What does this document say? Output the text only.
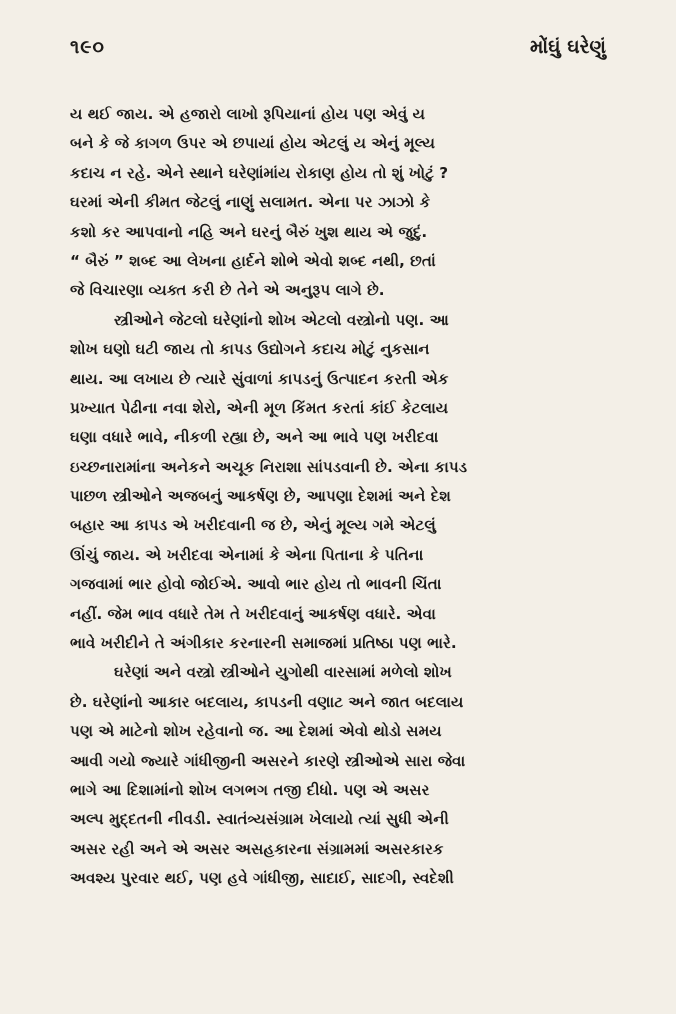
૧૯૦	મોંઘું ઘરેણું
ય થઈ જાય. એ હજારો લાખો રૂપિયાનાં હોય પણ એવું ય
બને કે જે કાગળ ઉપર એ છપાયાં હોય એટલું ય એનું મૂલ્ય
કદાચ ન રહે. એને સ્થાને ઘરેણાંમાંય રોકાણ હોય તો શું ખોટું ?
ઘરમાં એની કીમત જેટલું નાણું સલામત. એના પર ઝાઝો કે
કશો કર આપવાનો નહિ અને ઘરનું બૈરું ખુશ થાય એ જુદું.
“ બૈરું ” શબ્દ આ લેખના હાર્દને શોભે એવો શબ્દ નથી, છતાં
જે વિચારણા વ્યક્ત કરી છે તેને એ અનુરૂપ લાગે છે.
સ્ત્રીઓને જેટલો ઘરેણાંનો શોખ એટલો વસ્ત્રોનો પણ. આ
શોખ ઘણો ઘટી જાય તો કાપડ ઉદ્યોગને કદાચ મોટું નુકસાન
થાય. આ લખાય છે ત્યારે સુંવાળાં કાપડનું ઉત્પાદન કરતી એક
પ્રખ્યાત પેઢીના નવા શેરો, એની મૂળ કિંમત કરતાં કાંઈ કેટલાય
ઘણા વધારે ભાવે, નીકળી રહ્યા છે, અને આ ભાવે પણ ખરીદવા
ઇચ્છનારામાંના અનેકને અચૂક નિરાશા સાંપડવાની છે. એના કાપડ
પાછળ સ્ત્રીઓને અજબનું આકર્ષણ છે, આપણા દેશમાં અને દેશ
બહાર આ કાપડ એ ખરીદવાની જ છે, એનું મૂલ્ય ગમે એટલું
ઊંચું જાય. એ ખરીદવા એનામાં કે એના પિતાના કે પતિના
ગજવામાં ભાર હોવો જોઈએ. આવો ભાર હોય તો ભાવની ચિંતા
નહીં. જેમ ભાવ વધારે તેમ તે ખરીદવાનું આકર્ષણ વધારે. એવા
ભાવે ખરીદીને તે અંગીકાર કરનારની સમાજમાં પ્રતિષ્ઠા પણ ભારે.
ઘરેણાં અને વસ્ત્રો સ્ત્રીઓને યુગોથી વારસામાં મળેલો શોખ
છે. ઘરેણાંનો આકાર બદલાય, કાપડની વણાટ અને જાત બદલાય
પણ એ માટેનો શોખ રહેવાનો જ. આ દેશમાં એવો થોડો સમય
આવી ગયો જ્યારે ગાંધીજીની અસરને કારણે સ્ત્રીઓએ સારા જેવા
ભાગે આ દિશામાંનો શોખ લગભગ તજી દીધો. પણ એ અસર
અલ્પ મુદ્દતની નીવડી. સ્વાતંત્ર્યસંગ્રામ ખેલાયો ત્યાં સુધી એની
અસર રહી અને એ અસર અસહકારના સંગ્રામમાં અસરકારક
અવશ્ય પુરવાર થઈ, પણ હવે ગાંધીજી, સાદાઈ, સાદગી, સ્વદેશી
